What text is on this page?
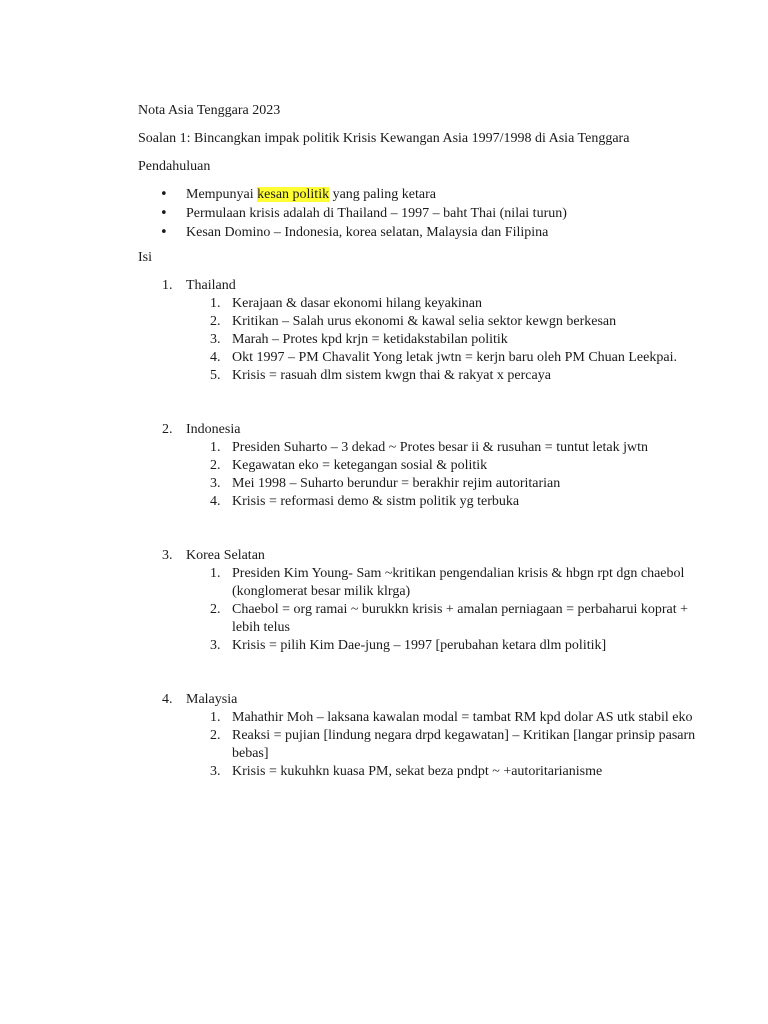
Nota Asia Tenggara 2023

Soalan 1: Bincangkan impak politik Krisis Kewangan Asia 1997/1998 di Asia Tenggara

Pendahuluan

• Mempunyai kesan politik yang paling ketara
• Permulaan krisis adalah di Thailand – 1997 – baht Thai (nilai turun)
• Kesan Domino – Indonesia, korea selatan, Malaysia dan Filipina

Isi

1. Thailand
1. Kerajaan & dasar ekonomi hilang keyakinan
2. Kritikan – Salah urus ekonomi & kawal selia sektor kewgn berkesan
3. Marah – Protes kpd krjn = ketidakstabilan politik
4. Okt 1997 – PM Chavalit Yong letak jwtn = kerjn baru oleh PM Chuan Leekpai.
5. Krisis = rasuah dlm sistem kwgn thai & rakyat x percaya
2. Indonesia
1. Presiden Suharto – 3 dekad ~ Protes besar ii & rusuhan = tuntut letak jwtn
2. Kegawatan eko = ketegangan sosial & politik
3. Mei 1998 – Suharto berundur = berakhir rejim autoritarian
4. Krisis = reformasi demo & sistm politik yg terbuka
3. Korea Selatan
1. Presiden Kim Young- Sam ~kritikan pengendalian krisis & hbgn rpt dgn chaebol (konglomerat besar milik klrga)
2. Chaebol = org ramai ~ burukkn krisis + amalan perniagaan = perbaharui koprat + lebih telus
3. Krisis = pilih Kim Dae-jung – 1997 [perubahan ketara dlm politik]
4. Malaysia
1. Mahathir Moh – laksana kawalan modal = tambat RM kpd dolar AS utk stabil eko
2. Reaksi = pujian [lindung negara drpd kegawatan] – Kritikan [langar prinsip pasarn bebas]
3. Krisis = kukuhkn kuasa PM, sekat beza pndpt ~ +autoritarianisme
